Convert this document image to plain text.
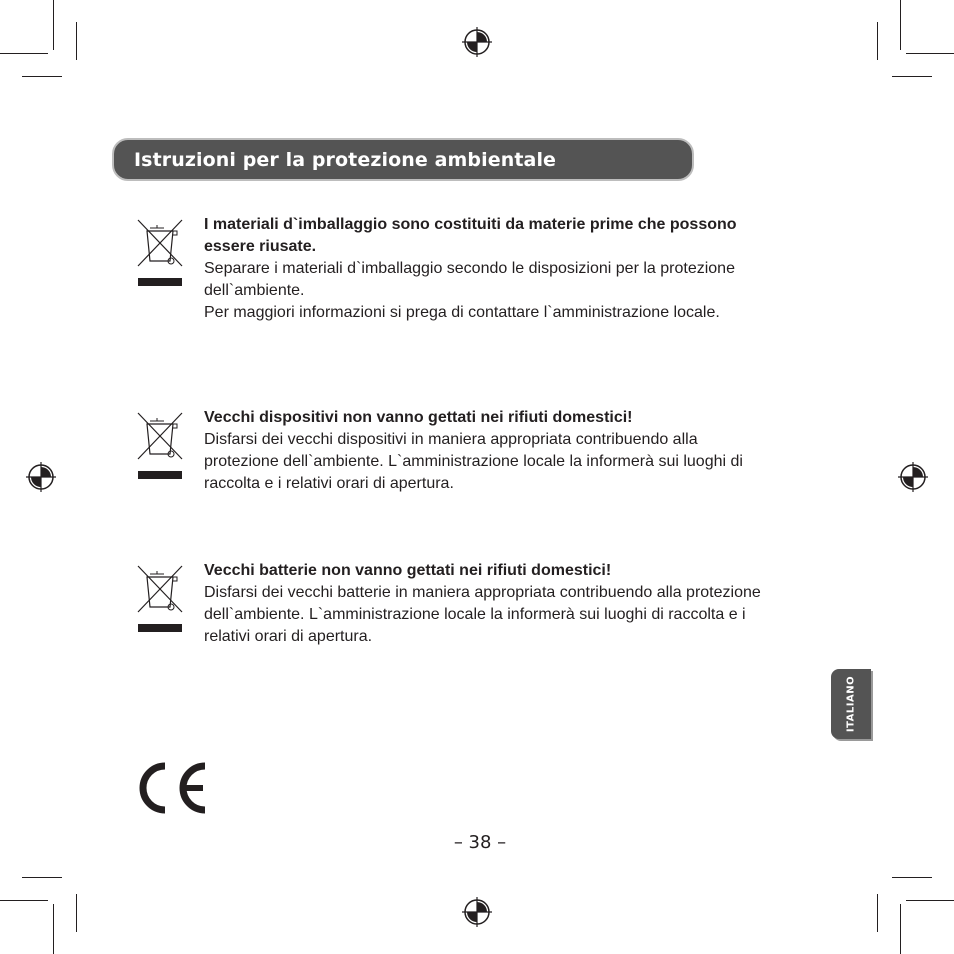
Istruzioni per la protezione ambientale

I materiali d`imballaggio sono costituiti da materie prime che possono essere riusate.

Separare i materiali d`imballaggio secondo le disposizioni per la protezione dell`ambiente.

Per maggiori informazioni si prega di contattare l`amministrazione locale.

Vecchi dispositivi non vanno gettati nei rifiuti domestici!

Disfarsi dei vecchi dispositivi in maniera appropriata contribuendo alla protezione dell`ambiente. L`amministrazione locale la informerà sui luoghi di raccolta e i relativi orari di apertura.

Vecchi batterie non vanno gettati nei rifiuti domestici!

Disfarsi dei vecchi batterie in maniera appropriata contribuendo alla protezione dell`ambiente. L`amministrazione locale la informerà sui luoghi di raccolta e i relativi orari di apertura.

ITALIANO
– 38 –
